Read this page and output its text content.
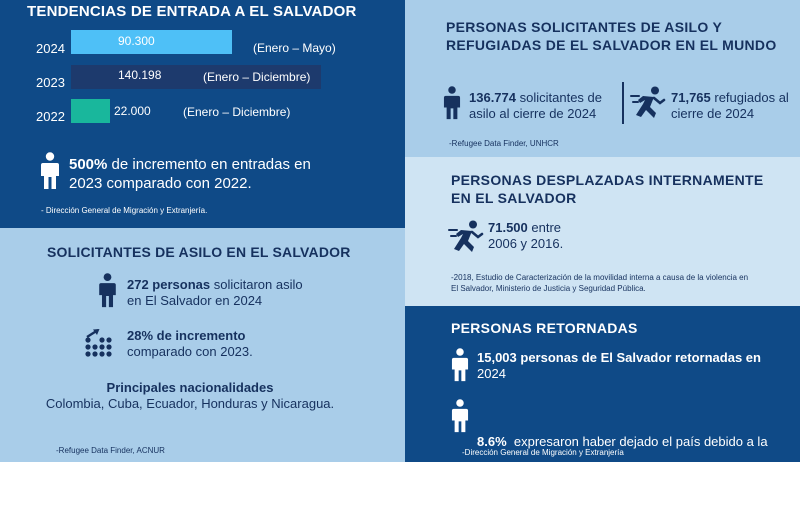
TENDENCIAS DE ENTRADA A EL SALVADOR
2024
2023
2022
90.300
140.198
22.000
(Enero – Mayo)
(Enero – Diciembre)
(Enero – Diciembre)
500% de incremento en entradas en
2023 comparado con 2022.
- Dirección General de Migración y Extranjería.
SOLICITANTES DE ASILO EN EL SALVADOR
272 personas solicitaron asilo
en El Salvador en 2024
28% de incremento
comparado con 2023.
Principales nacionalidades
Colombia, Cuba, Ecuador, Honduras y Nicaragua.
-Refugee Data Finder, ACNUR
PERSONAS SOLICITANTES DE ASILO Y
REFUGIADAS DE EL SALVADOR EN EL MUNDO
136.774 solicitantes de
asilo al cierre de 2024
71,765 refugiados al
cierre de 2024
-Refugee Data Finder, UNHCR
PERSONAS DESPLAZADAS INTERNAMENTE
EN EL SALVADOR
71.500 entre
2006 y 2016.
-2018, Estudio de Caracterización de la movilidad interna a causa de la violencia en
El Salvador, Ministerio de Justicia y Seguridad Pública.
PERSONAS RETORNADAS
15,003 personas de El Salvador retornadas en
2024

8.6%  expresaron haber dejado el país debido a la

violencia (entrevistados entre enero y abril 2024)

-Dirección General de Migración y Extranjería
